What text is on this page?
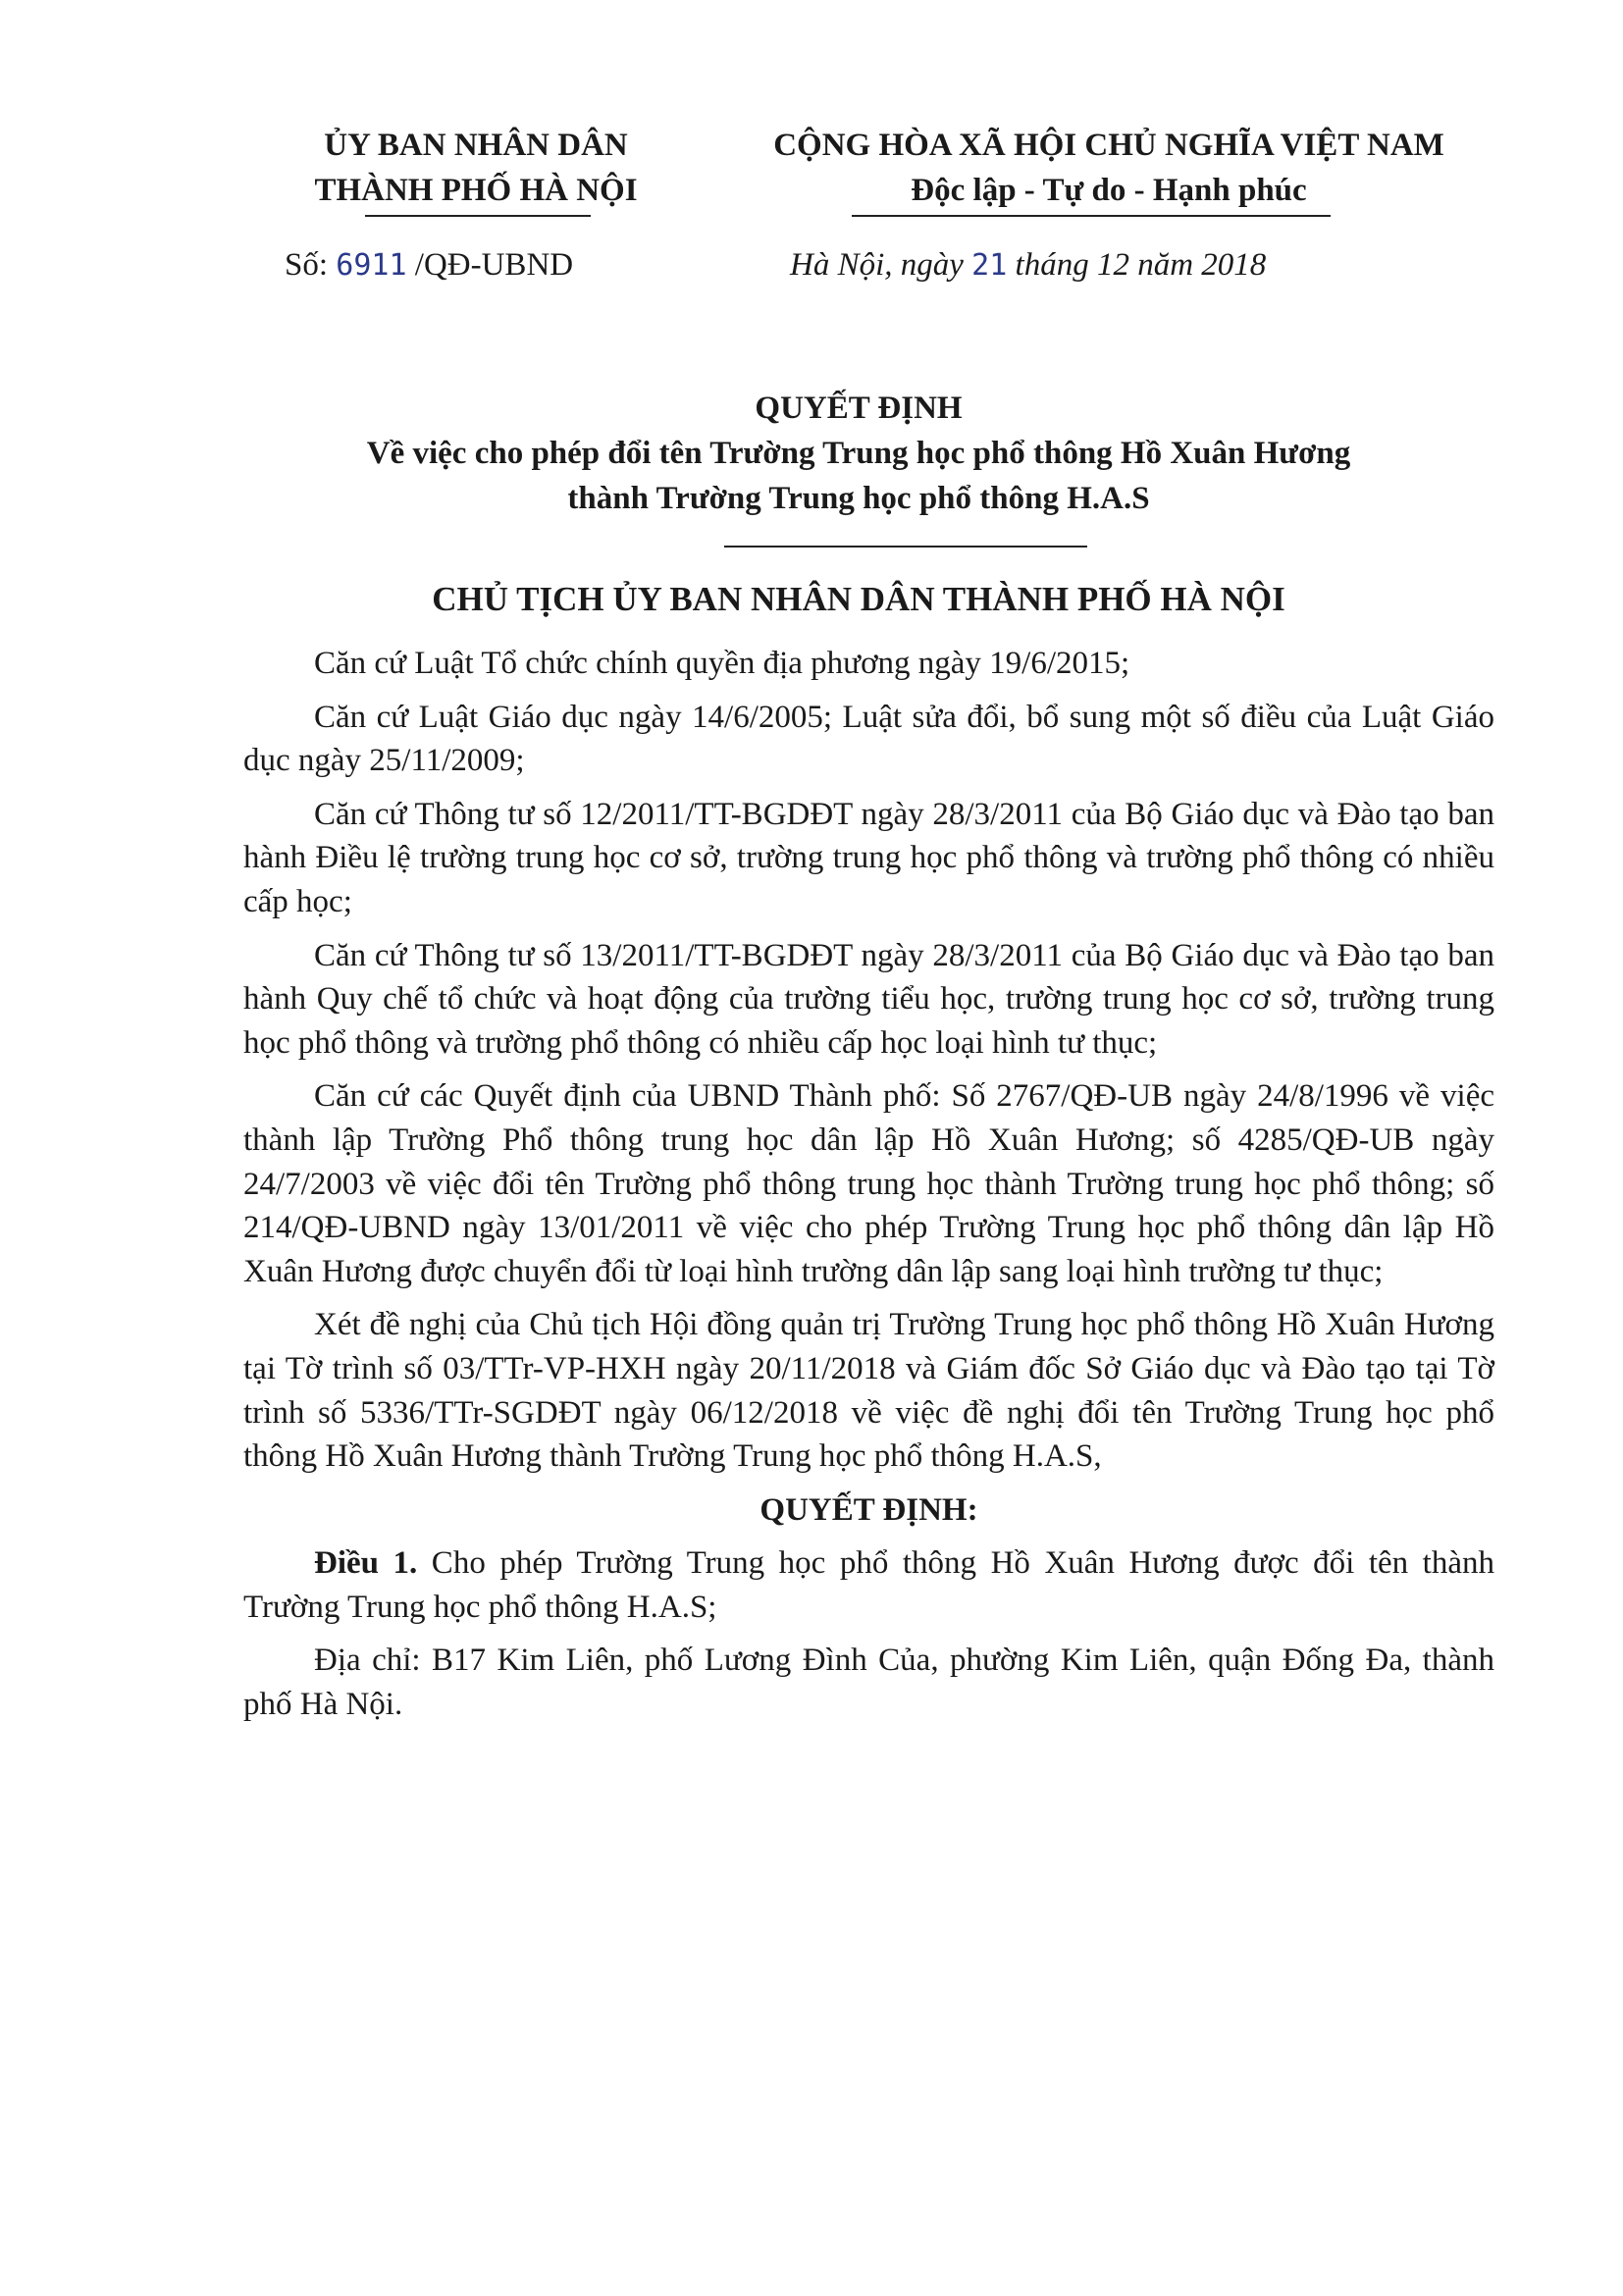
ỦY BAN NHÂN DÂN
THÀNH PHỐ HÀ NỘI
CỘNG HÒA XÃ HỘI CHỦ NGHĨA VIỆT NAM
Độc lập - Tự do - Hạnh phúc
Số: 6911 /QĐ-UBND	Hà Nội, ngày 21 tháng 12 năm 2018
QUYẾT ĐỊNH
Về việc cho phép đổi tên Trường Trung học phổ thông Hồ Xuân Hương
thành Trường Trung học phổ thông H.A.S
CHỦ TỊCH ỦY BAN NHÂN DÂN THÀNH PHỐ HÀ NỘI

Căn cứ Luật Tổ chức chính quyền địa phương ngày 19/6/2015;

Căn cứ Luật Giáo dục ngày 14/6/2005; Luật sửa đổi, bổ sung một số điều của Luật Giáo dục ngày 25/11/2009;

Căn cứ Thông tư số 12/2011/TT-BGDĐT ngày 28/3/2011 của Bộ Giáo dục và Đào tạo ban hành Điều lệ trường trung học cơ sở, trường trung học phổ thông và trường phổ thông có nhiều cấp học;

Căn cứ Thông tư số 13/2011/TT-BGDĐT ngày 28/3/2011 của Bộ Giáo dục và Đào tạo ban hành Quy chế tổ chức và hoạt động của trường tiểu học, trường trung học cơ sở, trường trung học phổ thông và trường phổ thông có nhiều cấp học loại hình tư thục;

Căn cứ các Quyết định của UBND Thành phố: Số 2767/QĐ-UB ngày 24/8/1996 về việc thành lập Trường Phổ thông trung học dân lập Hồ Xuân Hương; số 4285/QĐ-UB ngày 24/7/2003 về việc đổi tên Trường phổ thông trung học thành Trường trung học phổ thông; số 214/QĐ-UBND ngày 13/01/2011 về việc cho phép Trường Trung học phổ thông dân lập Hồ Xuân Hương được chuyển đổi từ loại hình trường dân lập sang loại hình trường tư thục;

Xét đề nghị của Chủ tịch Hội đồng quản trị Trường Trung học phổ thông Hồ Xuân Hương tại Tờ trình số 03/TTr-VP-HXH ngày 20/11/2018 và Giám đốc Sở Giáo dục và Đào tạo tại Tờ trình số 5336/TTr-SGDĐT ngày 06/12/2018 về việc đề nghị đổi tên Trường Trung học phổ thông Hồ Xuân Hương thành Trường Trung học phổ thông H.A.S,

QUYẾT ĐỊNH:

Điều 1. Cho phép Trường Trung học phổ thông Hồ Xuân Hương được đổi tên thành Trường Trung học phổ thông H.A.S;

Địa chỉ: B17 Kim Liên, phố Lương Đình Của, phường Kim Liên, quận Đống Đa, thành phố Hà Nội.
